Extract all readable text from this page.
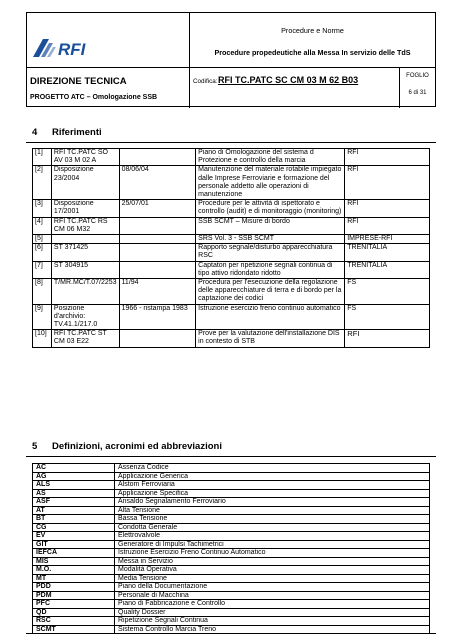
RFI
Procedure e Norme
Procedure propedeutiche alla Messa In servizio delle TdS
DIREZIONE TECNICA
PROGETTO ATC – Omologazione SSB
Codifica: RFI TC.PATC SC CM 03 M 62 B03	FOGLIO
6 di 31
4 Riferimenti
[1]	RFI TC.PATC SO AV 03 M 02 A		Piano di Omologazione del sistema d Protezione e controllo della marcia	RFI
[2]	Disposizione 23/2004	08/06/04	Manutenzione del materiale rotabile impiegato dalle Imprese Ferroviarie e formazione del personale addetto alle operazioni di manutenzione	RFI
[3]	Disposizione 17/2001	25/07/01	Procedure per le attività di ispettorato e controllo (audit) e di monitoraggio (monitoring)	RFI
[4]	RFI TC.PATC RS CM 06 M32		SSB SCMT – Misure di bordo	RFI
[5]			SRS Vol. 3 - SSB SCMT	IMPRESE-RFI
[6]	ST 371425		Rapporto segnale/disturbo apparecchiatura RSC	TRENITALIA
[7]	ST 304915		Captatori per ripetizione segnali continua di tipo attivo ridondato ridotto	TRENITALIA
[8]	T/MR.MC/T.07/2253	11/94	Procedura per l'esecuzione della regolazione delle apparecchiature di terra e di bordo per la captazione dei codici	FS
[9]	Posizione d'archivio: TV.41.1/217.0	1966 - ristampa 1983	Istruzione esercizio freno continuo automatico	FS
[10]	RFI TC.PATC ST CM 03 E22		Prove per la valutazione dell'installazione DIS in contesto di STB	RFI
5 Definizioni, acronimi ed abbreviazioni
AC	Assenza Codice
AG	Applicazione Generica
ALS	Alstom Ferroviaria
AS	Applicazione Specifica
ASF	Ansaldo Segnalamento Ferroviario
AT	Alta Tensione
BT	Bassa Tensione
CG	Condotta Generale
EV	Elettrovalvole
GIT	Generatore di Impulsi Tachimetrici
IEFCA	Istruzione Esercizio Freno Continuo Automatico
MIS	Messa in Servizio
M.O.	Modalità Operativa
MT	Media Tensione
PDD	Piano della Documentazione
PDM	Personale di Macchina
PFC	Piano di Fabbricazione e Controllo
QD	Quality Dossier
RSC	Ripetizione Segnali Continua
SCMT	Sistema Controllo Marcia Treno
